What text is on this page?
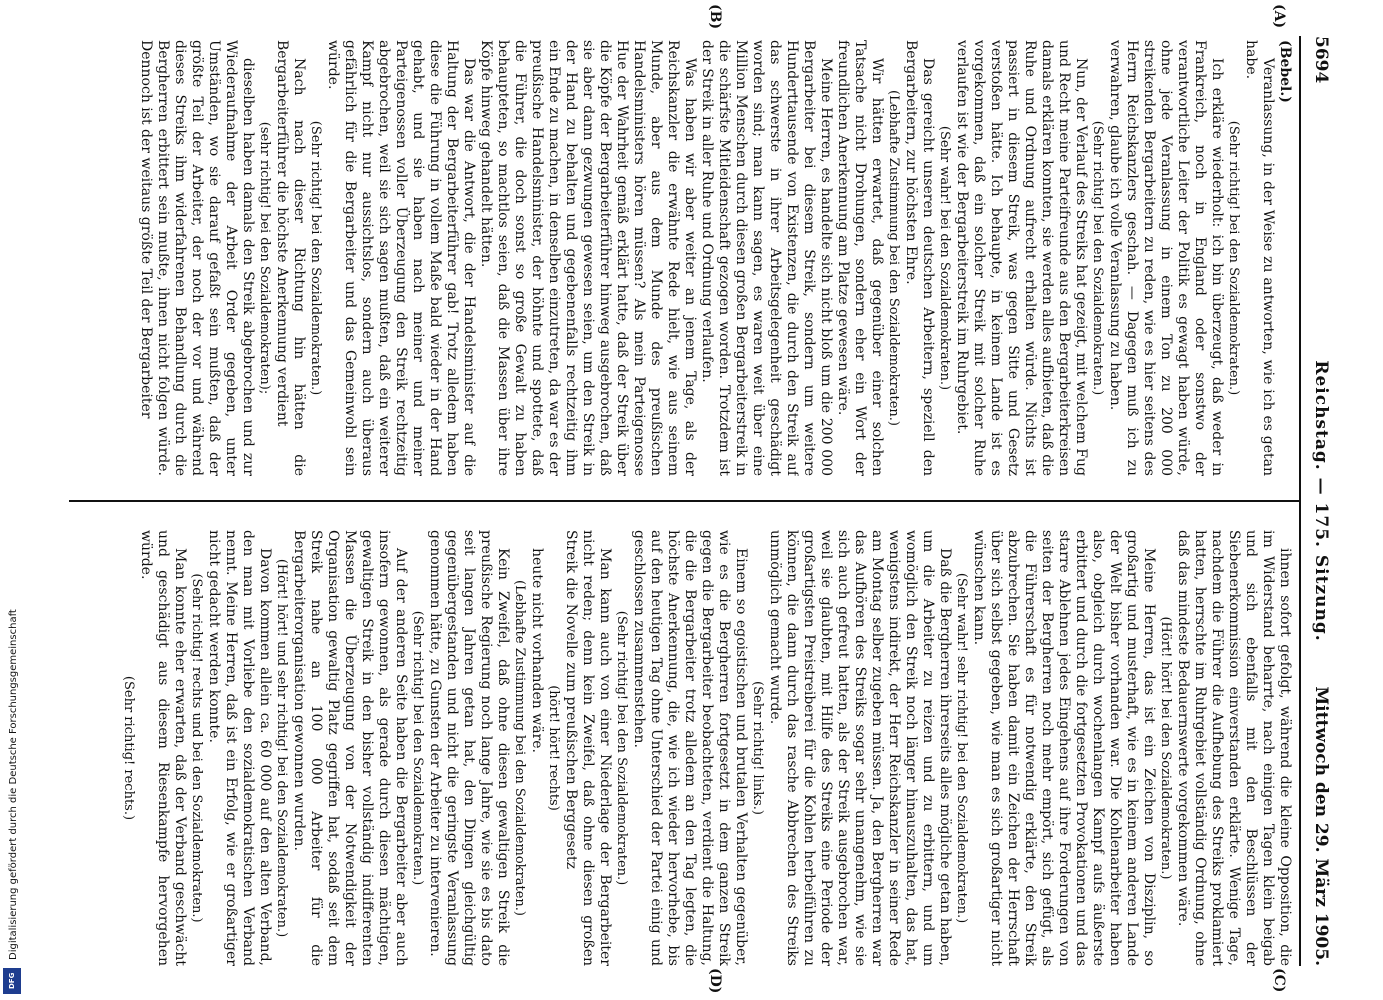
5694
Reichstag. — 175. Sitzung.
Mittwoch den 29. März 1905.
(A)
(B)
(C)
(D)

(Bebel.)

Veranlassung, in der Weise zu antworten, wie ich es getan habe.

(Sehr richtig! bei den Sozialdemokraten.)

Ich erkläre wiederholt: ich bin überzeugt, daß weder in Frankreich, noch in England oder sonstwo der verantwortliche Leiter der Politik es gewagt haben würde, ohne jede Veranlassung in einem Ton zu 200 000 streikenden Bergarbeitern zu reden, wie es hier seitens des Herrn Reichskanzlers geschah. — Dagegen muß ich zu verwahren, glaube ich volle Veranlassung zu haben.

(Sehr richtig! bei den Sozialdemokraten.)

Nun, der Verlauf des Streiks hat gezeigt, mit welchem Fug und Recht meine Parteifreunde aus den Bergarbeiterkreisen damals erklären konnten, sie werden alles aufbieten, daß die Ruhe und Ordnung aufrecht erhalten würde. Nichts ist passiert in diesem Streik, was gegen Sitte und Gesetz verstoßen hätte. Ich behaupte, in keinem Lande ist es vorgekommen, daß ein solcher Streik mit solcher Ruhe verlaufen ist wie der Bergarbeiterstreik im Ruhrgebiet.

(Sehr wahr! bei den Sozialdemokraten.)

Das gereicht unseren deutschen Arbeitern, speziell den Bergarbeitern, zur höchsten Ehre.

(Lebhafte Zustimmung bei den Sozialdemokraten.)

Wir hätten erwartet, daß gegenüber einer solchen Tatsache nicht Drohungen, sondern eher ein Wort der freundlichen Anerkennung am Platze gewesen wäre.

Meine Herren, es handelte sich nicht bloß um die 200 000 Bergarbeiter bei diesem Streik, sondern um weitere Hunderttausende von Existenzen, die durch den Streik auf das schwerste in ihrer Arbeitsgelegenheit geschädigt worden sind; man kann sagen, es waren weit über eine Million Menschen durch diesen großen Bergarbeiterstreik in die schärfste Mitleidenschaft gezogen worden. Trotzdem ist der Streik in aller Ruhe und Ordnung verlaufen.

Was haben wir aber weiter an jenem Tage, als der Reichskanzler die erwähnte Rede hielt, wie aus seinem Munde, aber aus dem Munde des preußischen Handelsministers hören müssen? Als mein Parteigenosse Hue der Wahrheit gemäß erklärt hatte, daß der Streik über die Köpfe der Bergarbeiterführer hinweg ausgebrochen, daß sie aber dann gezwungen gewesen seien, um den Streik in der Hand zu behalten und gegebenenfalls rechtzeitig ihm ein Ende zu machen, in denselben einzutreten, da war es der preußische Handelsminister, der höhnte und spottete, daß die Führer, die doch sonst so große Gewalt zu haben behaupteten, so machtlos seien, daß die Massen über ihre Köpfe hinweg gehandelt hätten.

Das war die Antwort, die der Handelsminister auf die Haltung der Bergarbeiterführer gab! Trotz alledem haben diese die Führung in vollem Maße bald wieder in der Hand gehabt, und sie haben nach meiner und meiner Parteigenossen voller Überzeugung den Streik rechtzeitig abgebrochen, weil sie sich sagen mußten, daß ein weiterer Kampf nicht nur aussichtslos, sondern auch überaus gefährlich für die Bergarbeiter und das Gemeinwohl sein würde.

(Sehr richtig! bei den Sozialdemokraten.)

Nach nach dieser Richtung hin hätten die Bergarbeiterführer die höchste Anerkennung verdient

(sehr richtig! bei den Sozialdemokraten);

dieselben haben damals den Streik abgebrochen und zur Wiederaufnahme der Arbeit Order gegeben, unter Umständen, wo sie darauf gefaßt sein mußten, daß der größte Teil der Arbeiter, der noch der vor und während dieses Streiks ihm widerfahrenen Behandlung durch die Bergherren erbittert sein mußte, ihnen nicht folgen würde. Dennoch ist der weitaus größte Teil der Bergarbeiter

ihnen sofort gefolgt, während die kleine Opposition, die im Widerstand beharrte, nach einigen Tagen klein beigab und sich ebenfalls mit den Beschlüssen der Siebenerkommission einverstanden erklärte. Wenige Tage, nachdem die Führer die Aufhebung des Streiks proklamiert hatten, herrschte im Ruhrgebiet vollständig Ordnung, ohne daß das mindeste Bedauernswerte vorgekommen wäre.

(Hört! hört! bei den Sozialdemokraten.)

Meine Herren, das ist ein Zeichen von Disziplin, so großartig und musterhaft, wie es in keinem anderen Lande der Welt bisher vorhanden war. Die Kohlenarbeiter haben also, obgleich durch wochenlangen Kampf aufs äußerste erbittert und durch die fortgesetzten Provokationen und das starre Ablehnen jedes Eingehens auf ihre Forderungen von seiten der Bergherren noch mehr empört, sich gefügt, als die Führerschaft es für notwendig erklärte, den Streik abzubrechen. Sie haben damit ein Zeichen der Herrschaft über sich selbst gegeben, wie man es sich großartiger nicht wünschen kann.

(Sehr wahr! sehr richtig! bei den Sozialdemokraten.)

Daß die Bergherren ihrerseits alles mögliche getan haben, um die Arbeiter zu reizen und zu erbittern, und um womöglich den Streik noch länger hinauszuhalten, das hat, wenigstens indirekt, der Herr Reichskanzler in seiner Rede am Montag selber zugeben müssen. Ja, den Bergherren war das Aufhören des Streiks sogar sehr unangenehm, wie sie sich auch gefreut hatten, als der Streik ausgebrochen war, weil sie glaubten, mit Hilfe des Streiks eine Periode der großartigsten Preistreiberei für die Kohlen herbeiführen zu können, die dann durch das rasche Abbrechen des Streiks unmöglich gemacht wurde.

(Sehr richtig! links.)

Einem so egoistischen und brutalen Verhalten gegenüber, wie es die Bergherren fortgesetzt in dem ganzen Streik gegen die Bergarbeiter beobachteten, verdient die Haltung, die die Bergarbeiter trotz alledem an den Tag legten, die höchste Anerkennung, die, wie ich wieder hervorhebe, bis auf den heutigen Tag ohne Unterschied der Partei einig und geschlossen zusammenstehen.

(Sehr richtig! bei den Sozialdemokraten.)

Man kann auch von einer Niederlage der Bergarbeiter nicht reden; denn kein Zweifel, daß ohne diesen großen Streik die Novelle zum preußischen Berggesetz

(hört! hört! rechts)

heute nicht vorhanden wäre.

(Lebhafte Zustimmung bei den Sozialdemokraten.)

Kein Zweifel, daß ohne diesen gewaltigen Streik die preußische Regierung noch lange Jahre, wie sie es bis dato seit langen Jahren getan hat, den Dingen gleichgültig gegenübergestanden und nicht die geringste Veranlassung genommen hätte, zu Gunsten der Arbeiter zu intervenieren.

(Sehr richtig! bei den Sozialdemokraten.)

Auf der anderen Seite haben die Bergarbeiter aber auch insofern gewonnen, als gerade durch diesen mächtigen, gewaltigen Streik in den bisher vollständig indifferenten Massen die Überzeugung von der Notwendigkeit der Organisation gewaltig Platz gegriffen hat, sodaß seit dem Streik nahe an 100 000 Arbeiter für die Bergarbeiterorganisation gewonnen wurden.

(Hört! hört! und sehr richtig! bei den Sozialdemokraten.)

Davon kommen allein ca. 60 000 auf den alten Verband, den man mit Vorliebe den sozialdemokratischen Verband nennt. Meine Herren, daß ist ein Erfolg, wie er großartiger nicht gedacht werden konnte.

(Sehr richtig! rechts und bei den Sozialdemokraten.)

Man konnte eher erwarten, daß der Verband geschwächt und geschädigt aus diesem Riesenkampfe hervorgehen würde.

(Sehr richtig! rechts.)

Digitalisierung gefördert durch die Deutsche Forschungsgemeinschaft
DFG
